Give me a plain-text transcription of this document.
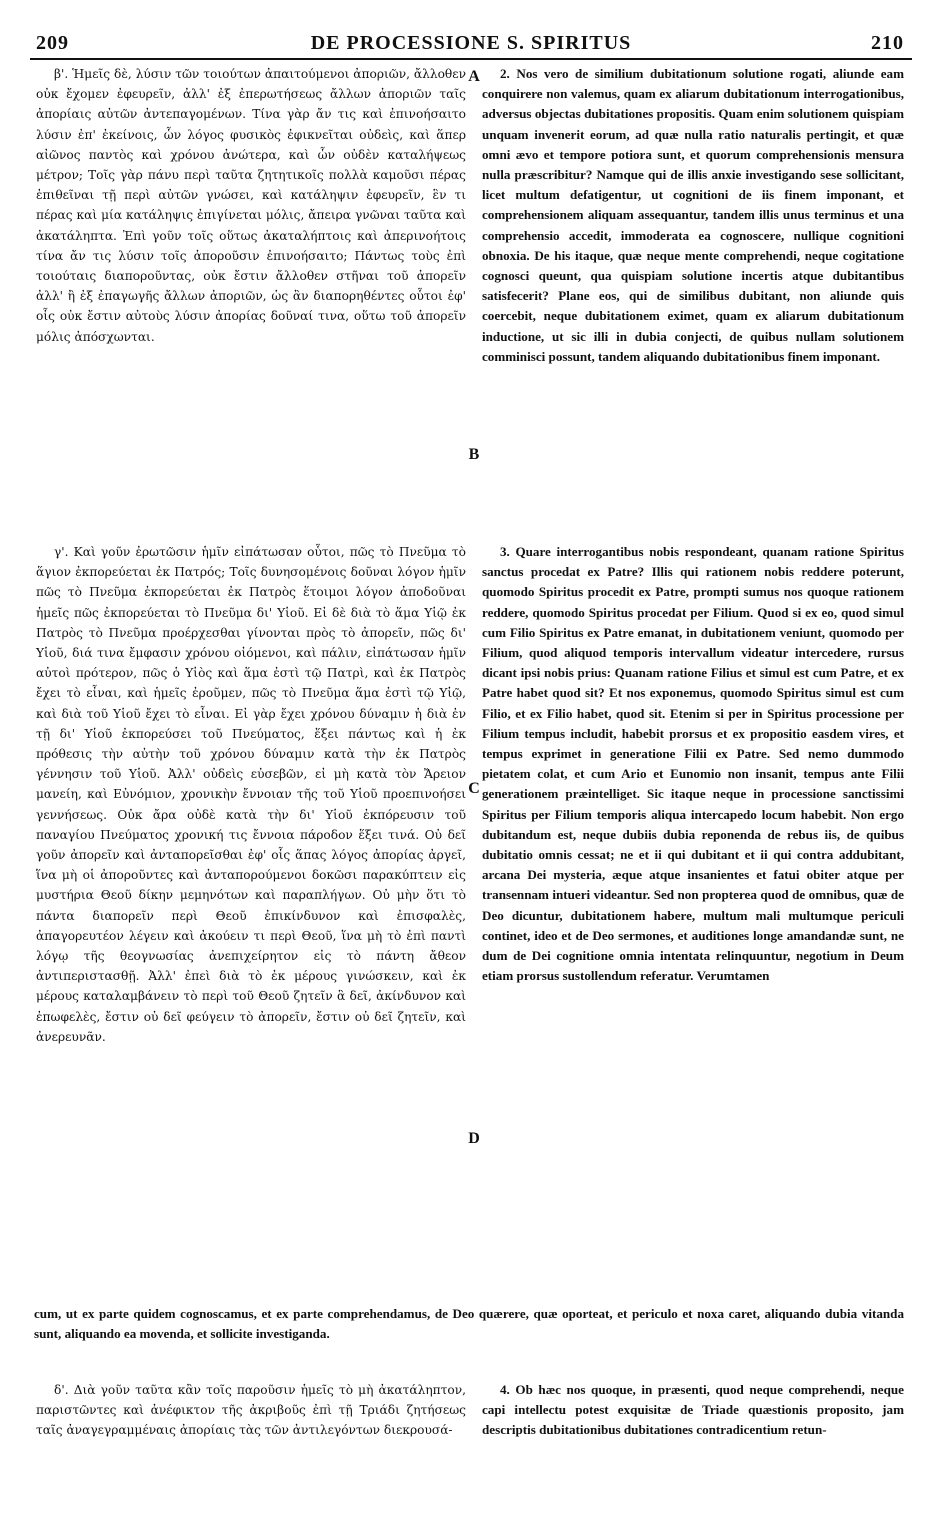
209	DE PROCESSIONE S. SPIRITUS	210

β'. Ἡμεῖς δὲ, λύσιν τῶν τοιούτων ἀπαιτούμενοι ἀποριῶν, ἄλλοθεν οὐκ ἔχομεν ἐφευρεῖν, ἀλλ' ἐξ ἐπερωτήσεως ἄλλων ἀποριῶν ταῖς ἀπορίαις αὐτῶν ἀντεπαγομένων. Τίνα γὰρ ἄν τις καὶ ἐπινοήσαιτο λύσιν ἐπ' ἐκείνοις, ὧν λόγος φυσικὸς ἐφικνεῖται οὐδεὶς, καὶ ἅπερ αἰῶνος παντὸς καὶ χρόνου ἀνώτερα, καὶ ὧν οὐδὲν καταλήψεως μέτρον; Τοῖς γὰρ πάνυ περὶ ταῦτα ζητητικοῖς πολλὰ καμοῦσι πέρας ἐπιθεῖναι τῇ περὶ αὐτῶν γνώσει, καὶ κατάληψιν ἐφευρεῖν, ἓν τι πέρας καὶ μία κατάληψις ἐπιγίνεται μόλις, ἄπειρα γνῶναι ταῦτα καὶ ἀκατάληπτα. Ἐπὶ γοῦν τοῖς οὕτως ἀκαταλήπτοις καὶ ἀπερινοήτοις τίνα ἄν τις λύσιν τοῖς ἀποροῦσιν ἐπινοήσαιτο; Πάντως τοὺς ἐπὶ τοιούταις διαποροῦντας, οὐκ ἔστιν ἄλλοθεν στῆναι τοῦ ἀπορεῖν ἀλλ' ἢ ἐξ ἐπαγωγῆς ἄλλων ἀποριῶν, ὡς ἂν διαπορηθέντες οὗτοι ἐφ' οἷς οὐκ ἔστιν αὐτοὺς λύσιν ἀπορίας δοῦναί τινα, οὕτω τοῦ ἀπορεῖν μόλις ἀπόσχωνται.

2. Nos vero de similium dubitationum solutione rogati, aliunde eam conquirere non valemus, quam ex aliarum dubitationum interrogationibus, adversus objectas dubitationes propositis. Quam enim solutionem quispiam unquam invenerit eorum, ad quæ nulla ratio naturalis pertingit, et quæ omni ævo et tempore potiora sunt, et quorum comprehensionis mensura nulla præscribitur? Namque qui de illis anxie investigando sese sollicitant, licet multum defatigentur, ut cognitioni de iis finem imponant, et comprehensionem aliquam assequantur, tandem illis unus terminus et una comprehensio accedit, immoderata ea cognoscere, nullique cognitioni obnoxia. De his itaque, quæ neque mente comprehendi, neque cogitatione cognosci queunt, qua quispiam solutione incertis atque dubitantibus satisfecerit? Plane eos, qui de similibus dubitant, non aliunde quis coercebit, neque dubitationem eximet, quam ex aliarum dubitationum inductione, ut sic illi in dubia conjecti, de quibus nullam solutionem comminisci possunt, tandem aliquando dubitationibus finem imponant.

γ'. Καὶ γοῦν ἐρωτῶσιν ἡμῖν εἰπάτωσαν οὗτοι, πῶς τὸ Πνεῦμα τὸ ἅγιον ἐκπορεύεται ἐκ Πατρός; Τοῖς δυνησομένοις δοῦναι λόγον ἡμῖν πῶς τὸ Πνεῦμα ἐκπορεύεται ἐκ Πατρὸς ἕτοιμοι λόγον ἀποδοῦναι ἡμεῖς πῶς ἐκπορεύεται τὸ Πνεῦμα δι' Υἱοῦ. Εἰ δὲ διὰ τὸ ἅμα Υἱῷ ἐκ Πατρὸς τὸ Πνεῦμα προέρχεσθαι γίνονται πρὸς τὸ ἀπορεῖν, πῶς δι' Υἱοῦ, διά τινα ἔμφασιν χρόνου οἰόμενοι, καὶ πάλιν, εἰπάτωσαν ἡμῖν αὐτοὶ πρότερον, πῶς ὁ Υἱὸς καὶ ἅμα ἐστὶ τῷ Πατρὶ, καὶ ἐκ Πατρὸς ἔχει τὸ εἶναι, καὶ ἡμεῖς ἐροῦμεν, πῶς τὸ Πνεῦμα ἅμα ἐστὶ τῷ Υἱῷ, καὶ διὰ τοῦ Υἱοῦ ἔχει τὸ εἶναι. Εἰ γὰρ ἔχει χρόνου δύναμιν ἡ διὰ ἐν τῇ δι' Υἱοῦ ἐκπορεύσει τοῦ Πνεύματος, ἕξει πάντως καὶ ἡ ἐκ πρόθεσις τὴν αὐτὴν τοῦ χρόνου δύναμιν κατὰ τὴν ἐκ Πατρὸς γέννησιν τοῦ Υἱοῦ. Ἀλλ' οὐδεὶς εὐσεβῶν, εἰ μὴ κατὰ τὸν Ἄρειον μανείη, καὶ Εὐνόμιον, χρονικὴν ἔννοιαν τῆς τοῦ Υἱοῦ προεπινοήσει γεννήσεως. Οὐκ ἄρα οὐδὲ κατὰ τὴν δι' Υἱοῦ ἐκπόρευσιν τοῦ παναγίου Πνεύματος χρονική τις ἔννοια πάροδον ἕξει τινά. Οὐ δεῖ γοῦν ἀπορεῖν καὶ ἀνταπορεῖσθαι ἐφ' οἷς ἅπας λόγος ἀπορίας ἀργεῖ, ἵνα μὴ οἱ ἀποροῦντες καὶ ἀνταπορούμενοι δοκῶσι παρακύπτειν εἰς μυστήρια Θεοῦ δίκην μεμηνότων καὶ παραπλήγων. Οὐ μὴν ὅτι τὸ πάντα διαπορεῖν περὶ Θεοῦ ἐπικίνδυνον καὶ ἐπισφαλὲς, ἀπαγορευτέον λέγειν καὶ ἀκούειν τι περὶ Θεοῦ, ἵνα μὴ τὸ ἐπὶ παντὶ λόγῳ τῆς θεογνωσίας ἀνεπιχείρητον εἰς τὸ πάντη ἄθεον ἀντιπεριστασθῇ. Ἀλλ' ἐπεὶ διὰ τὸ ἐκ μέρους γινώσκειν, καὶ ἐκ μέρους καταλαμβάνειν τὸ περὶ τοῦ Θεοῦ ζητεῖν ἃ δεῖ, ἀκίνδυνον καὶ ἐπωφελὲς, ἔστιν οὐ δεῖ φεύγειν τὸ ἀπορεῖν, ἔστιν οὐ δεῖ ζητεῖν, καὶ ἀνερευνᾶν.

3. Quare interrogantibus nobis respondeant, quanam ratione Spiritus sanctus procedat ex Patre? Illis qui rationem nobis reddere poterunt, quomodo Spiritus procedit ex Patre, prompti sumus nos quoque rationem reddere, quomodo Spiritus procedat per Filium. Quod si ex eo, quod simul cum Filio Spiritus ex Patre emanat, in dubitationem veniunt, quomodo per Filium, quod aliquod temporis intervallum videatur intercedere, rursus dicant ipsi nobis prius: Quanam ratione Filius et simul est cum Patre, et ex Patre habet quod sit? Et nos exponemus, quomodo Spiritus simul est cum Filio, et ex Filio habet, quod sit. Etenim si per in Spiritus processione per Filium tempus includit, habebit prorsus et ex propositio easdem vires, et tempus exprimet in generatione Filii ex Patre. Sed nemo dummodo pietatem colat, et cum Ario et Eunomio non insanit, tempus ante Filii generationem præintelliget. Sic itaque neque in processione sanctissimi Spiritus per Filium temporis aliqua intercapedo locum habebit. Non ergo dubitandum est, neque dubiis dubia reponenda de rebus iis, de quibus dubitatio omnis cessat; ne et ii qui dubitant et ii qui contra addubitant, arcana Dei mysteria, æque atque insanientes et fatui obiter atque per transennam intueri videantur. Sed non propterea quod de omnibus, quæ de Deo dicuntur, dubitationem habere, multum mali multumque periculi continet, ideo et de Deo sermones, et auditiones longe amandandæ sunt, ne dum de Dei cognitione omnia intentata relinquuntur, negotium in Deum etiam prorsus sustollendum referatur. Verumtamen

cum, ut ex parte quidem cognoscamus, et ex parte comprehendamus, de Deo quærere, quæ oporteat, et periculo et noxa caret, aliquando dubia vitanda sunt, aliquando ea movenda, et sollicite investiganda.

δ'. Διὰ γοῦν ταῦτα κἂν τοῖς παροῦσιν ἡμεῖς τὸ μὴ ἀκατάληπτον, παριστῶντες καὶ ἀνέφικτον τῆς ἀκριβοῦς ἐπὶ τῇ Τριάδι ζητήσεως ταῖς ἀναγεγραμμέναις ἀπορίαις τὰς τῶν ἀντιλεγόντων διεκρουσά-

4. Ob hæc nos quoque, in præsenti, quod neque comprehendi, neque capi intellectu potest exquisitæ de Triade quæstionis proposito, jam descriptis dubitationibus dubitationes contradicentium retun-

A
B
C
D
